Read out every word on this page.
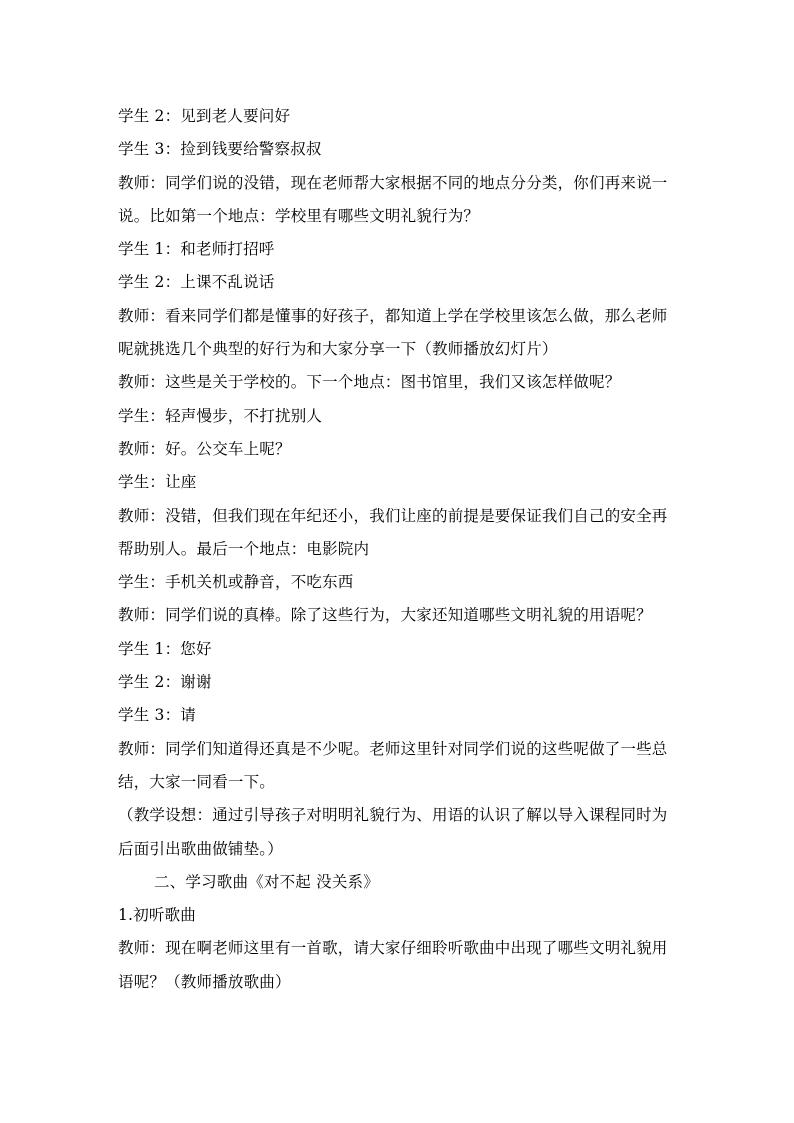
学生 2：见到老人要问好
学生 3：捡到钱要给警察叔叔
教师：同学们说的没错，现在老师帮大家根据不同的地点分分类，你们再来说一
说。比如第一个地点：学校里有哪些文明礼貌行为？
学生 1：和老师打招呼
学生 2：上课不乱说话
教师：看来同学们都是懂事的好孩子，都知道上学在学校里该怎么做，那么老师
呢就挑选几个典型的好行为和大家分享一下（教师播放幻灯片）
教师：这些是关于学校的。下一个地点：图书馆里，我们又该怎样做呢？
学生：轻声慢步，不打扰别人
教师：好。公交车上呢？
学生：让座
教师：没错，但我们现在年纪还小，我们让座的前提是要保证我们自己的安全再
帮助别人。最后一个地点：电影院内
学生：手机关机或静音，不吃东西
教师：同学们说的真棒。除了这些行为，大家还知道哪些文明礼貌的用语呢？
学生 1：您好
学生 2：谢谢
学生 3：请
教师：同学们知道得还真是不少呢。老师这里针对同学们说的这些呢做了一些总
结，大家一同看一下。
（教学设想：通过引导孩子对明明礼貌行为、用语的认识了解以导入课程同时为
后面引出歌曲做铺垫。）
二、学习歌曲《对不起 没关系》
1.初听歌曲
教师：现在啊老师这里有一首歌，请大家仔细聆听歌曲中出现了哪些文明礼貌用
语呢？（教师播放歌曲）
